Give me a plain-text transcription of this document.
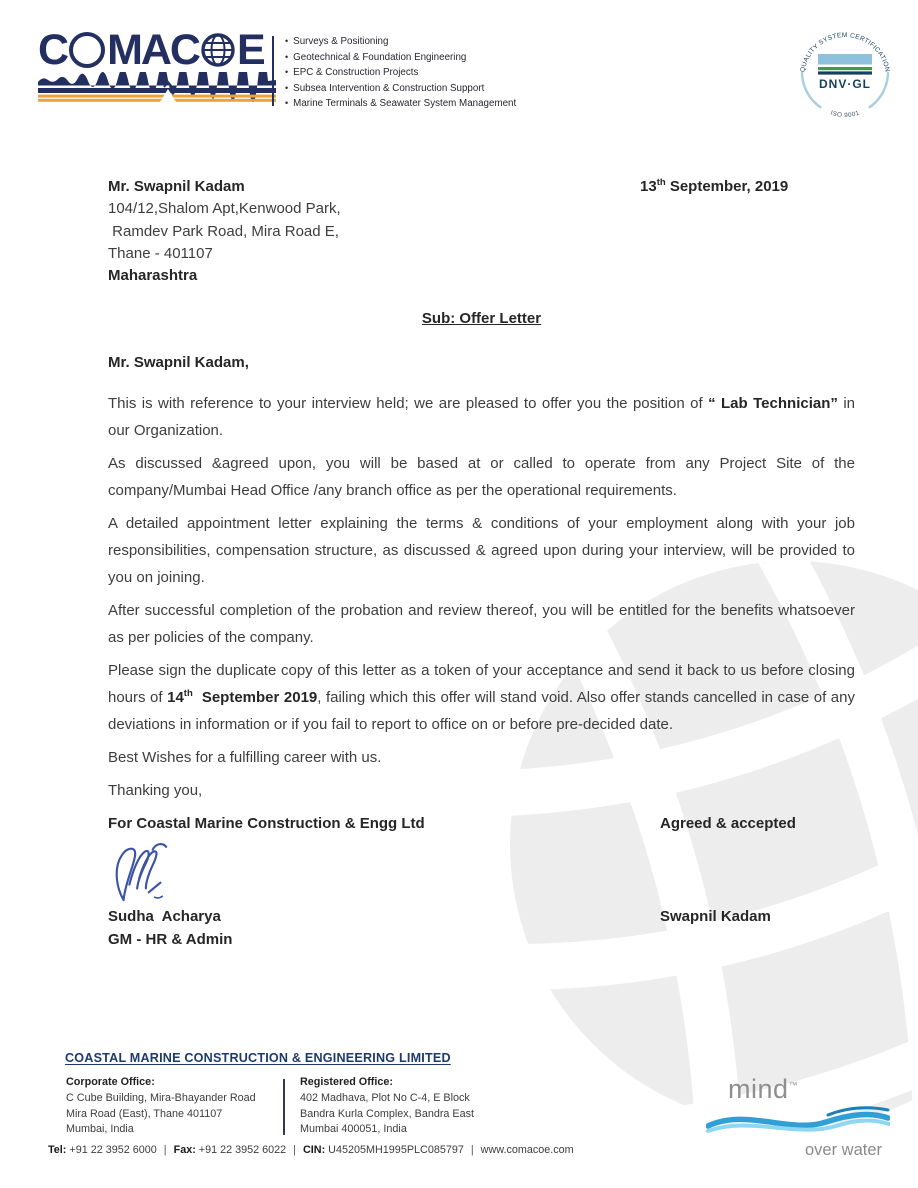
C MAC E • Surveys & Positioning
• Geotechnical & Foundation Engineering
• EPC & Construction Projects
• Subsea Intervention & Construction Support
• Marine Terminals & Seawater System Management
QUALITY SYSTEM CERTIFICATION
DNV·GL
ISO 9001
Mr. Swapnil Kadam
104/12,Shalom Apt,Kenwood Park,
Ramdev Park Road, Mira Road E,
Thane - 401107
Maharashtra
13th September, 2019
Sub: Offer Letter
Mr. Swapnil Kadam,

This is with reference to your interview held; we are pleased to offer you the position of “ Lab Technician” in our Organization.

As discussed &agreed upon, you will be based at or called to operate from any Project Site of the company/Mumbai Head Office /any branch office as per the operational requirements.

A detailed appointment letter explaining the terms & conditions of your employment along with your job responsibilities, compensation structure, as discussed & agreed upon during your interview, will be provided to you on joining.

After successful completion of the probation and review thereof, you will be entitled for the benefits whatsoever as per policies of the company.

Please sign the duplicate copy of this letter as a token of your acceptance and send it back to us before closing hours of 14th  September 2019, failing which this offer will stand void. Also offer stands cancelled in case of any deviations in information or if you fail to report to office on or before pre-decided date.

Best Wishes for a fulfilling career with us.

Thanking you,

For Coastal Marine Construction & Engg Ltd	Agreed & accepted
Sudha  Acharya	Swapnil Kadam
GM - HR & Admin
COASTAL MARINE CONSTRUCTION & ENGINEERING LIMITED
Corporate Office:
C Cube Building, Mira-Bhayander Road
Mira Road (East), Thane 401107
Mumbai, India
Registered Office:
402 Madhava, Plot No C-4, E Block
Bandra Kurla Complex, Bandra East
Mumbai 400051, India
Tel: +91 22 3952 6000 | Fax: +91 22 3952 6022 | CIN: U45205MH1995PLC085797 | www.comacoe.com
mind™
over water
